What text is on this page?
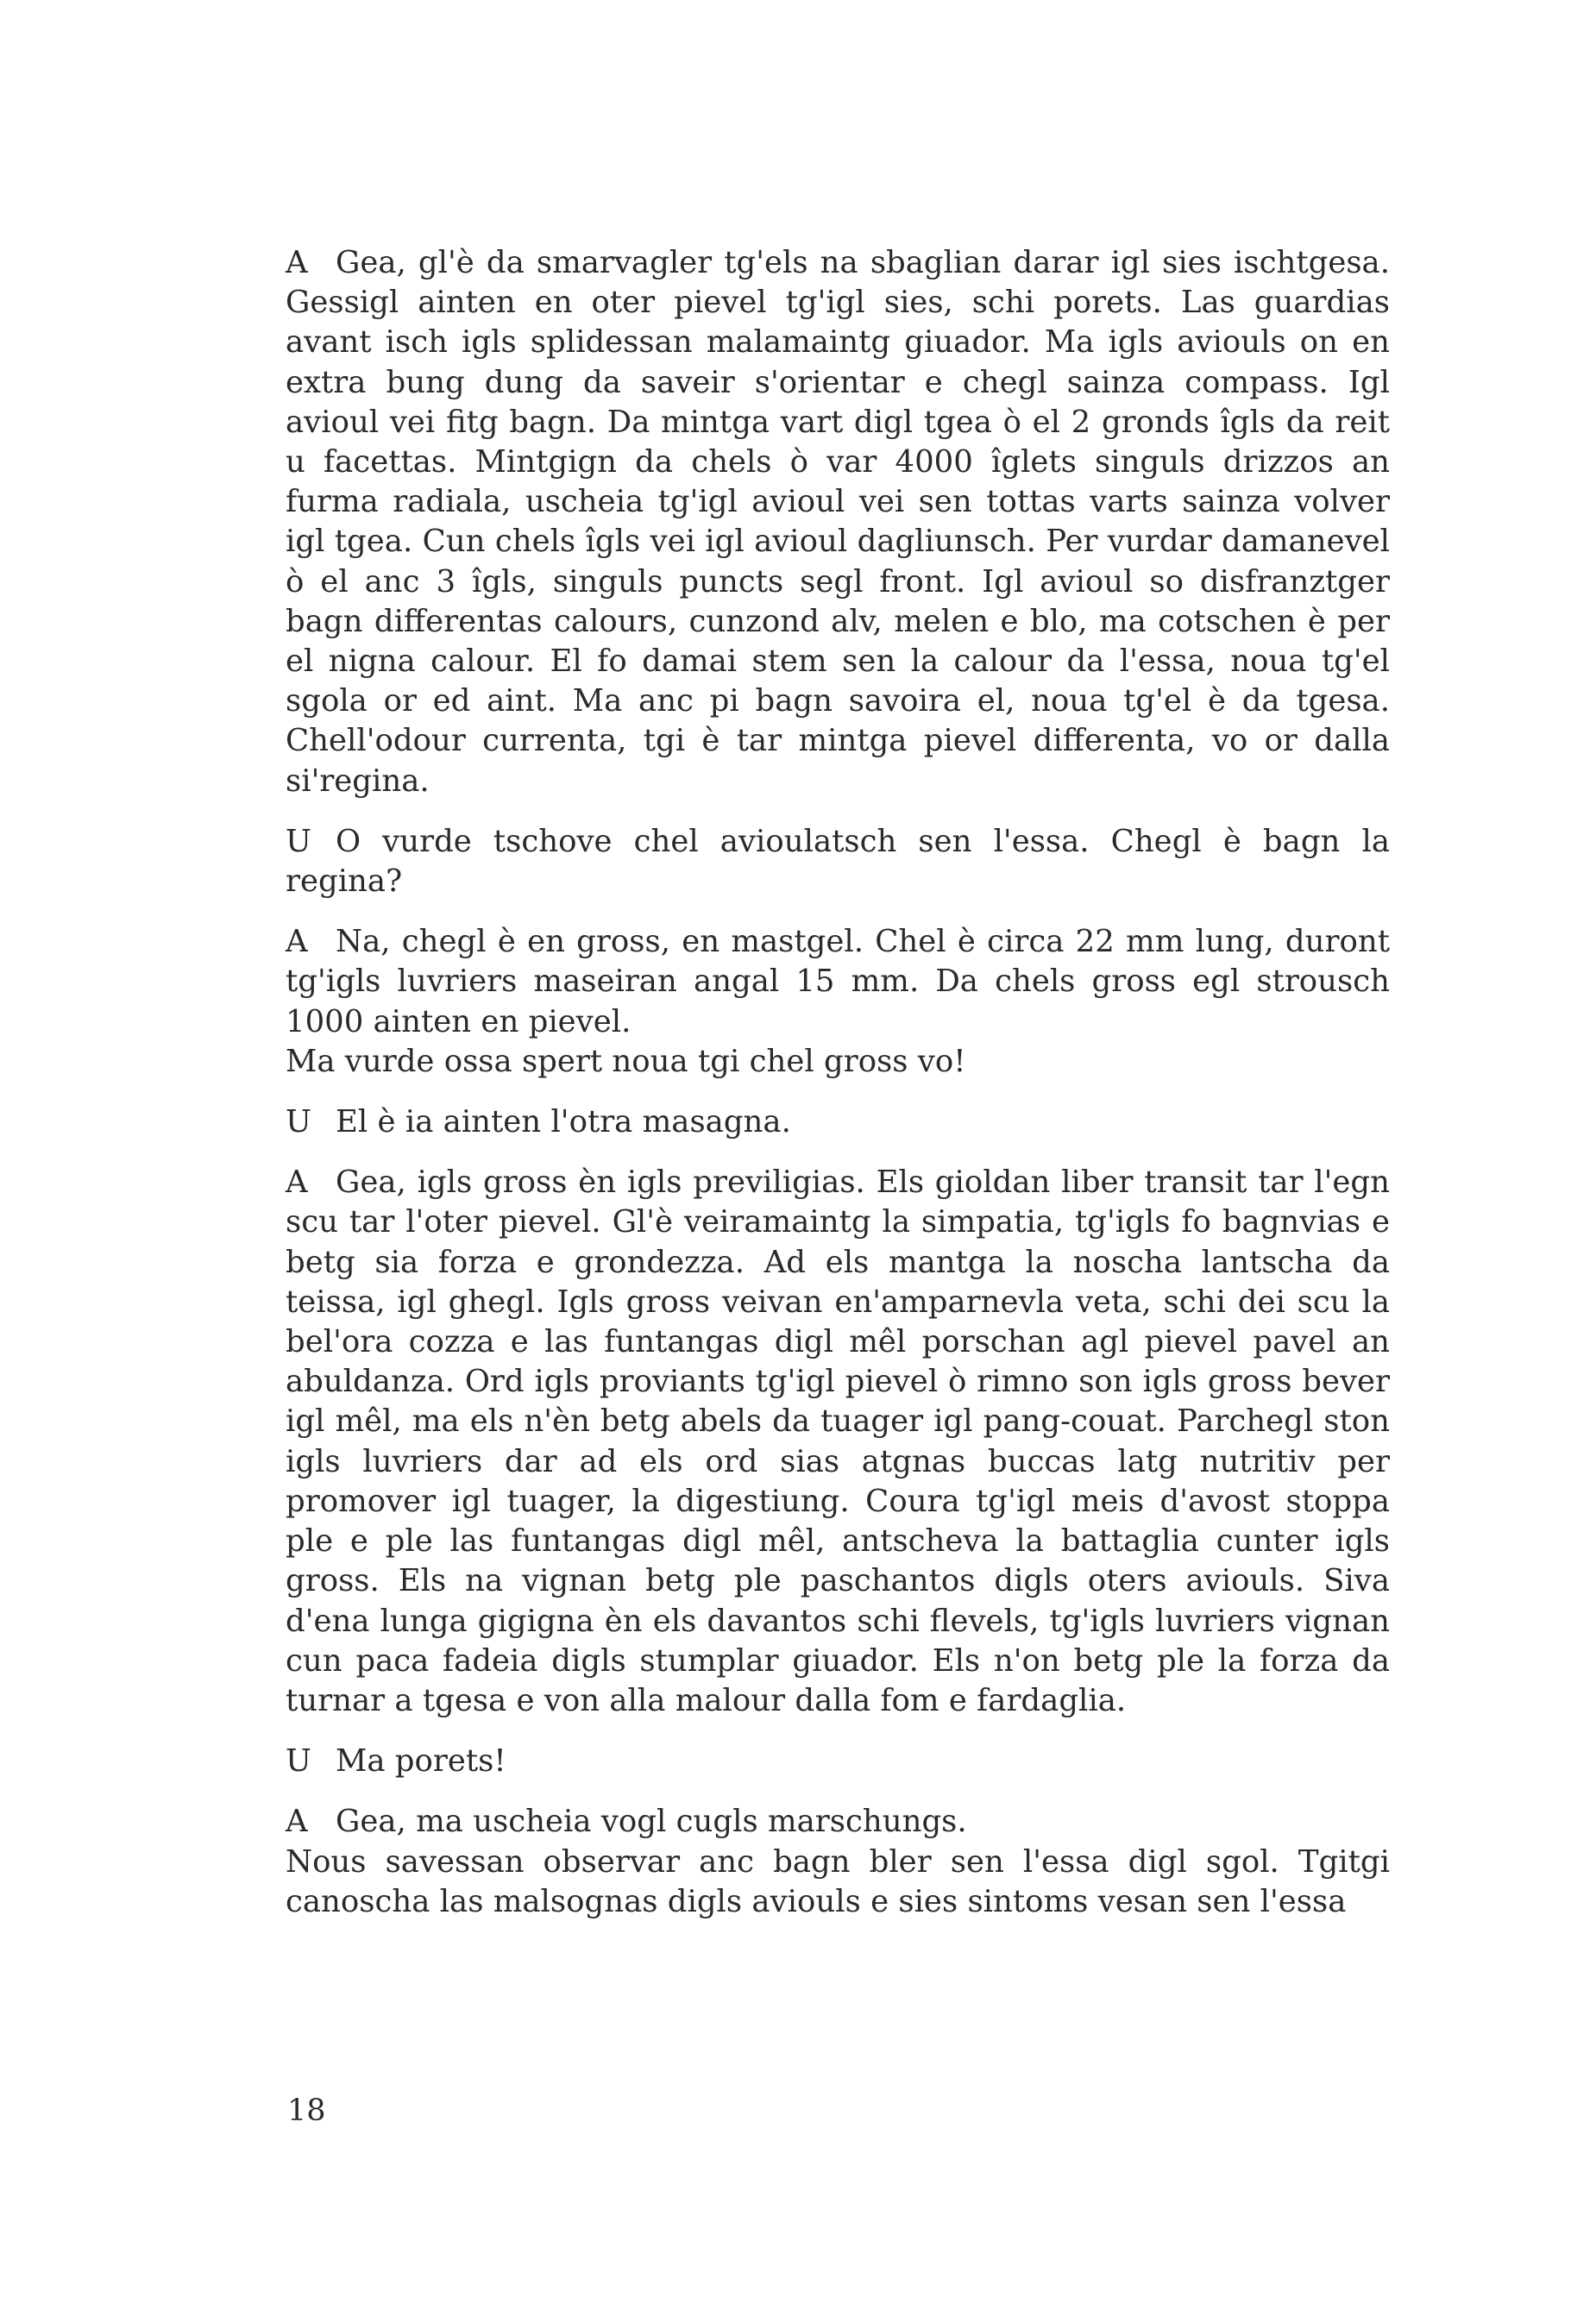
A Gea, gl'è da smarvagler tg'els na sbaglian darar igl sies ischtgesa. Gessigl ainten en oter pievel tg'igl sies, schi porets. Las guardias avant isch igls splidessan malamaintg giuador. Ma igls aviouls on en extra bung dung da saveir s'orientar e chegl sainza compass. Igl avioul vei fitg bagn. Da mintga vart digl tgea ò el 2 gronds îgls da reit u facettas. Mintgign da chels ò var 4000 îglets singuls drizzos an furma radiala, uscheia tg'igl avioul vei sen tottas varts sainza volver igl tgea. Cun chels îgls vei igl avioul dagliunsch. Per vurdar damanevel ò el anc 3 îgls, singuls puncts segl front. Igl avioul so disfranztger bagn differentas calours, cunzond alv, melen e blo, ma cotschen è per el nigna calour. El fo damai stem sen la calour da l'essa, noua tg'el sgola or ed aint. Ma anc pi bagn savoira el, noua tg'el è da tgesa. Chell'odour currenta, tgi è tar mintga pievel differenta, vo or dalla si'regina.

U O vurde tschove chel avioulatsch sen l'essa. Chegl è bagn la regina?

A Na, chegl è en gross, en mastgel. Chel è circa 22 mm lung, duront tg'igls luvriers maseiran angal 15 mm. Da chels gross egl strousch 1000 ainten en pievel.
Ma vurde ossa spert noua tgi chel gross vo!

U El è ia ainten l'otra masagna.

A Gea, igls gross èn igls previligias. Els gioldan liber transit tar l'egn scu tar l'oter pievel. Gl'è veiramaintg la simpatia, tg'igls fo bagnvias e betg sia forza e grondezza. Ad els mantga la noscha lantscha da teissa, igl ghegl. Igls gross veivan en'amparnevla veta, schi dei scu la bel'ora cozza e las funtangas digl mêl porschan agl pievel pavel an abuldanza. Ord igls proviants tg'igl pievel ò rimno son igls gross bever igl mêl, ma els n'èn betg abels da tuager igl pang-couat. Parchegl ston igls luvriers dar ad els ord sias atgnas buccas latg nutritiv per promover igl tuager, la digestiung. Coura tg'igl meis d'avost stoppa ple e ple las funtangas digl mêl, antscheva la battaglia cunter igls gross. Els na vignan betg ple paschantos digls oters aviouls. Siva d'ena lunga gigigna èn els davantos schi flevels, tg'igls luvriers vignan cun paca fadeia digls stumplar giuador. Els n'on betg ple la forza da turnar a tgesa e von alla malour dalla fom e fardaglia.

U Ma porets!

A Gea, ma uscheia vogl cugls marschungs.
Nous savessan observar anc bagn bler sen l'essa digl sgol. Tgitgi canoscha las malsognas digls aviouls e sies sintoms vesan sen l'essa

18
